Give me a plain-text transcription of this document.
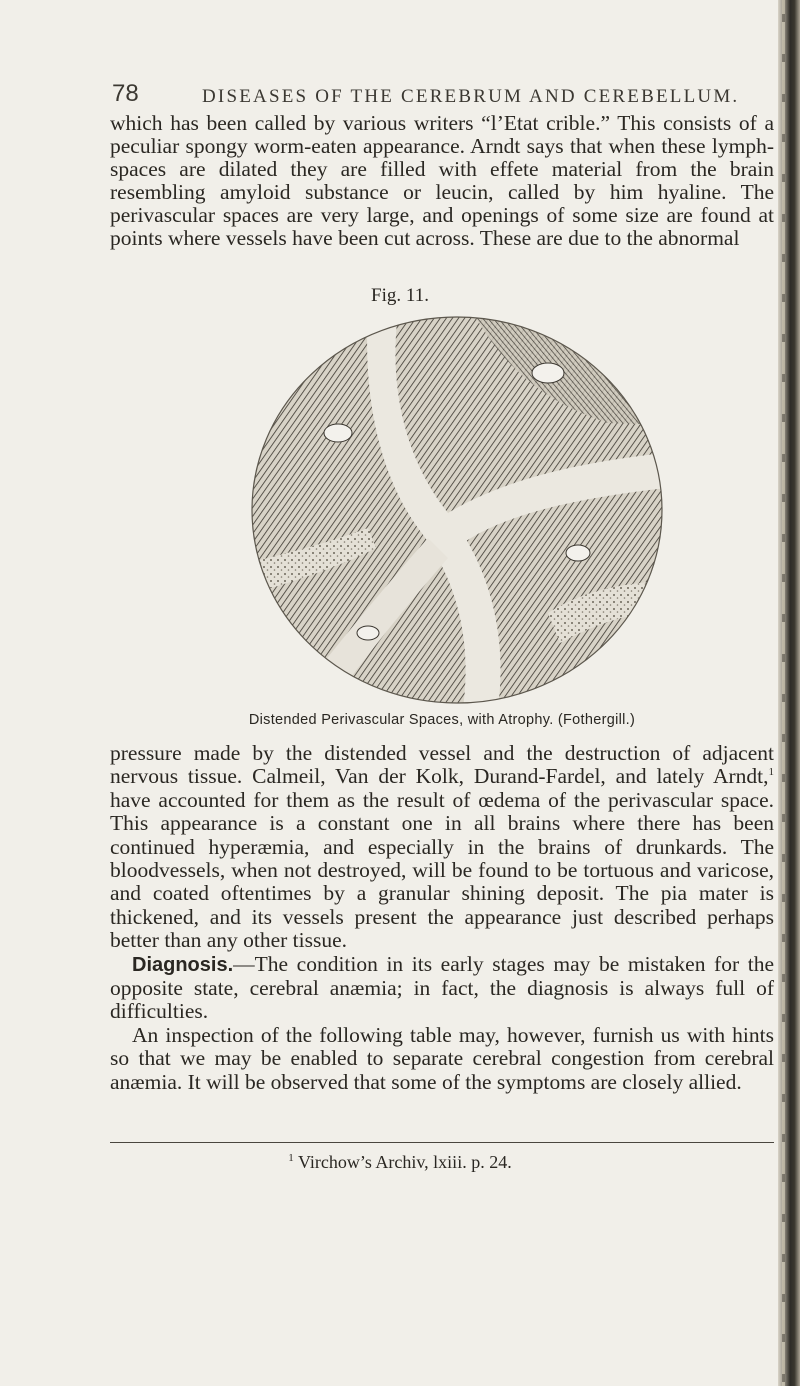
78	DISEASES OF THE CEREBRUM AND CEREBELLUM.
which has been called by various writers “l’Etat crible.” This consists of a peculiar spongy worm-eaten appearance. Arndt says that when these lymph-spaces are dilated they are filled with effete material from the brain resembling amyloid substance or leucin, called by him hyaline. The perivascular spaces are very large, and openings of some size are found at points where vessels have been cut across. These are due to the abnormal
Fig. 11.
Distended Perivascular Spaces, with Atrophy. (Fothergill.)

pressure made by the distended vessel and the destruction of adjacent nervous tissue. Calmeil, Van der Kolk, Durand-Fardel, and lately Arndt,$^1$ have accounted for them as the result of œdema of the perivascular space. This appearance is a constant one in all brains where there has been continued hyperæmia, and especially in the brains of drunkards. The bloodvessels, when not destroyed, will be found to be tortuous and varicose, and coated oftentimes by a granular shining deposit. The pia mater is thickened, and its vessels present the appearance just described perhaps better than any other tissue.

Diagnosis.—The condition in its early stages may be mistaken for the opposite state, cerebral anæmia; in fact, the diagnosis is always full of difficulties.

An inspection of the following table may, however, furnish us with hints so that we may be enabled to separate cerebral congestion from cerebral anæmia. It will be observed that some of the symptoms are closely allied.

$^1$ Virchow’s Archiv, lxiii. p. 24.
